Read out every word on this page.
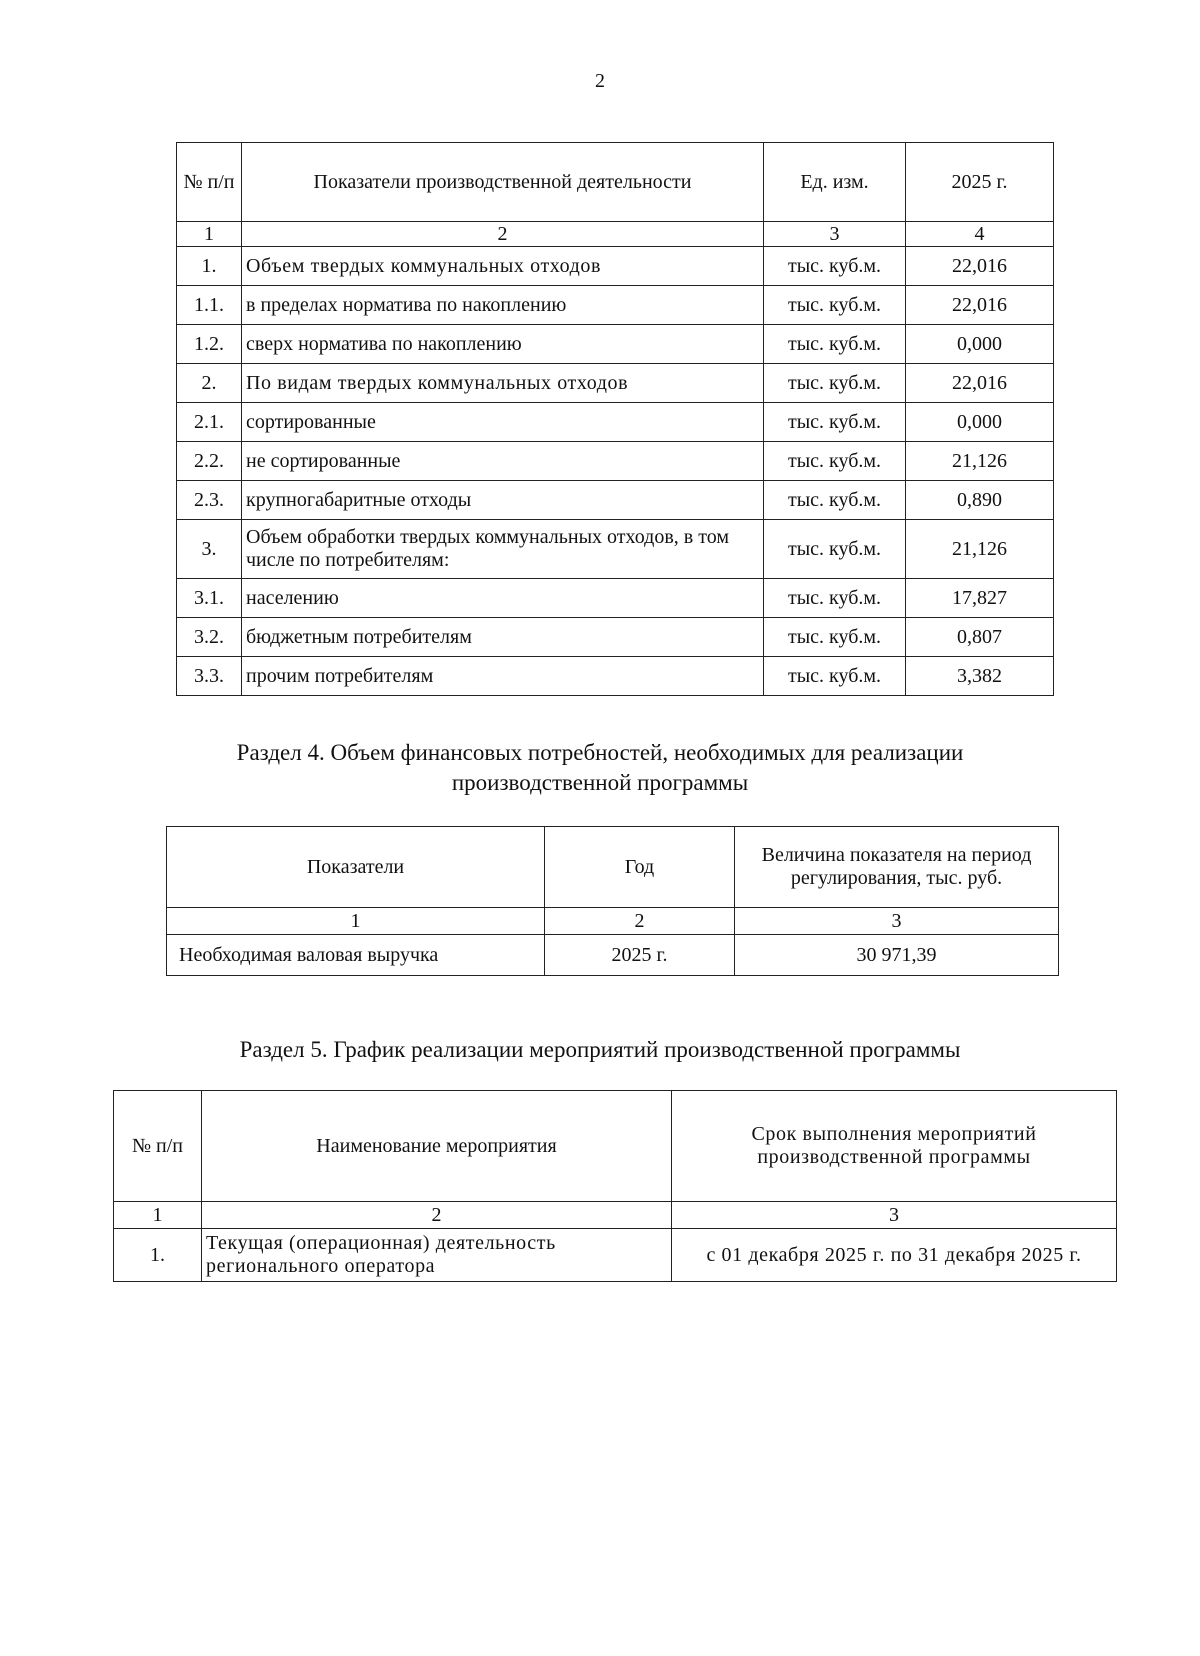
2
№ п/п	Показатели производственной деятельности	Ед. изм.	2025 г.
1	2	3	4
1.	Объем твердых коммунальных отходов	тыс. куб.м.	22,016
1.1.	в пределах норматива по накоплению	тыс. куб.м.	22,016
1.2.	сверх норматива по накоплению	тыс. куб.м.	0,000
2.	По видам твердых коммунальных отходов	тыс. куб.м.	22,016
2.1.	сортированные	тыс. куб.м.	0,000
2.2.	не сортированные	тыс. куб.м.	21,126
2.3.	крупногабаритные отходы	тыс. куб.м.	0,890
3.	Объем обработки твердых коммунальных отходов, в том числе по потребителям:	тыс. куб.м.	21,126
3.1.	населению	тыс. куб.м.	17,827
3.2.	бюджетным потребителям	тыс. куб.м.	0,807
3.3.	прочим потребителям	тыс. куб.м.	3,382
Раздел 4. Объем финансовых потребностей, необходимых для реализации производственной программы
Показатели	Год	Величина показателя на период регулирования, тыс. руб.
1	2	3
Необходимая валовая выручка	2025 г.	30 971,39
Раздел 5. График реализации мероприятий производственной программы
№ п/п	Наименование мероприятия	Срок выполнения мероприятий производственной программы
1	2	3
1.	Текущая (операционная) деятельность регионального оператора	с 01 декабря 2025 г. по 31 декабря 2025 г.
